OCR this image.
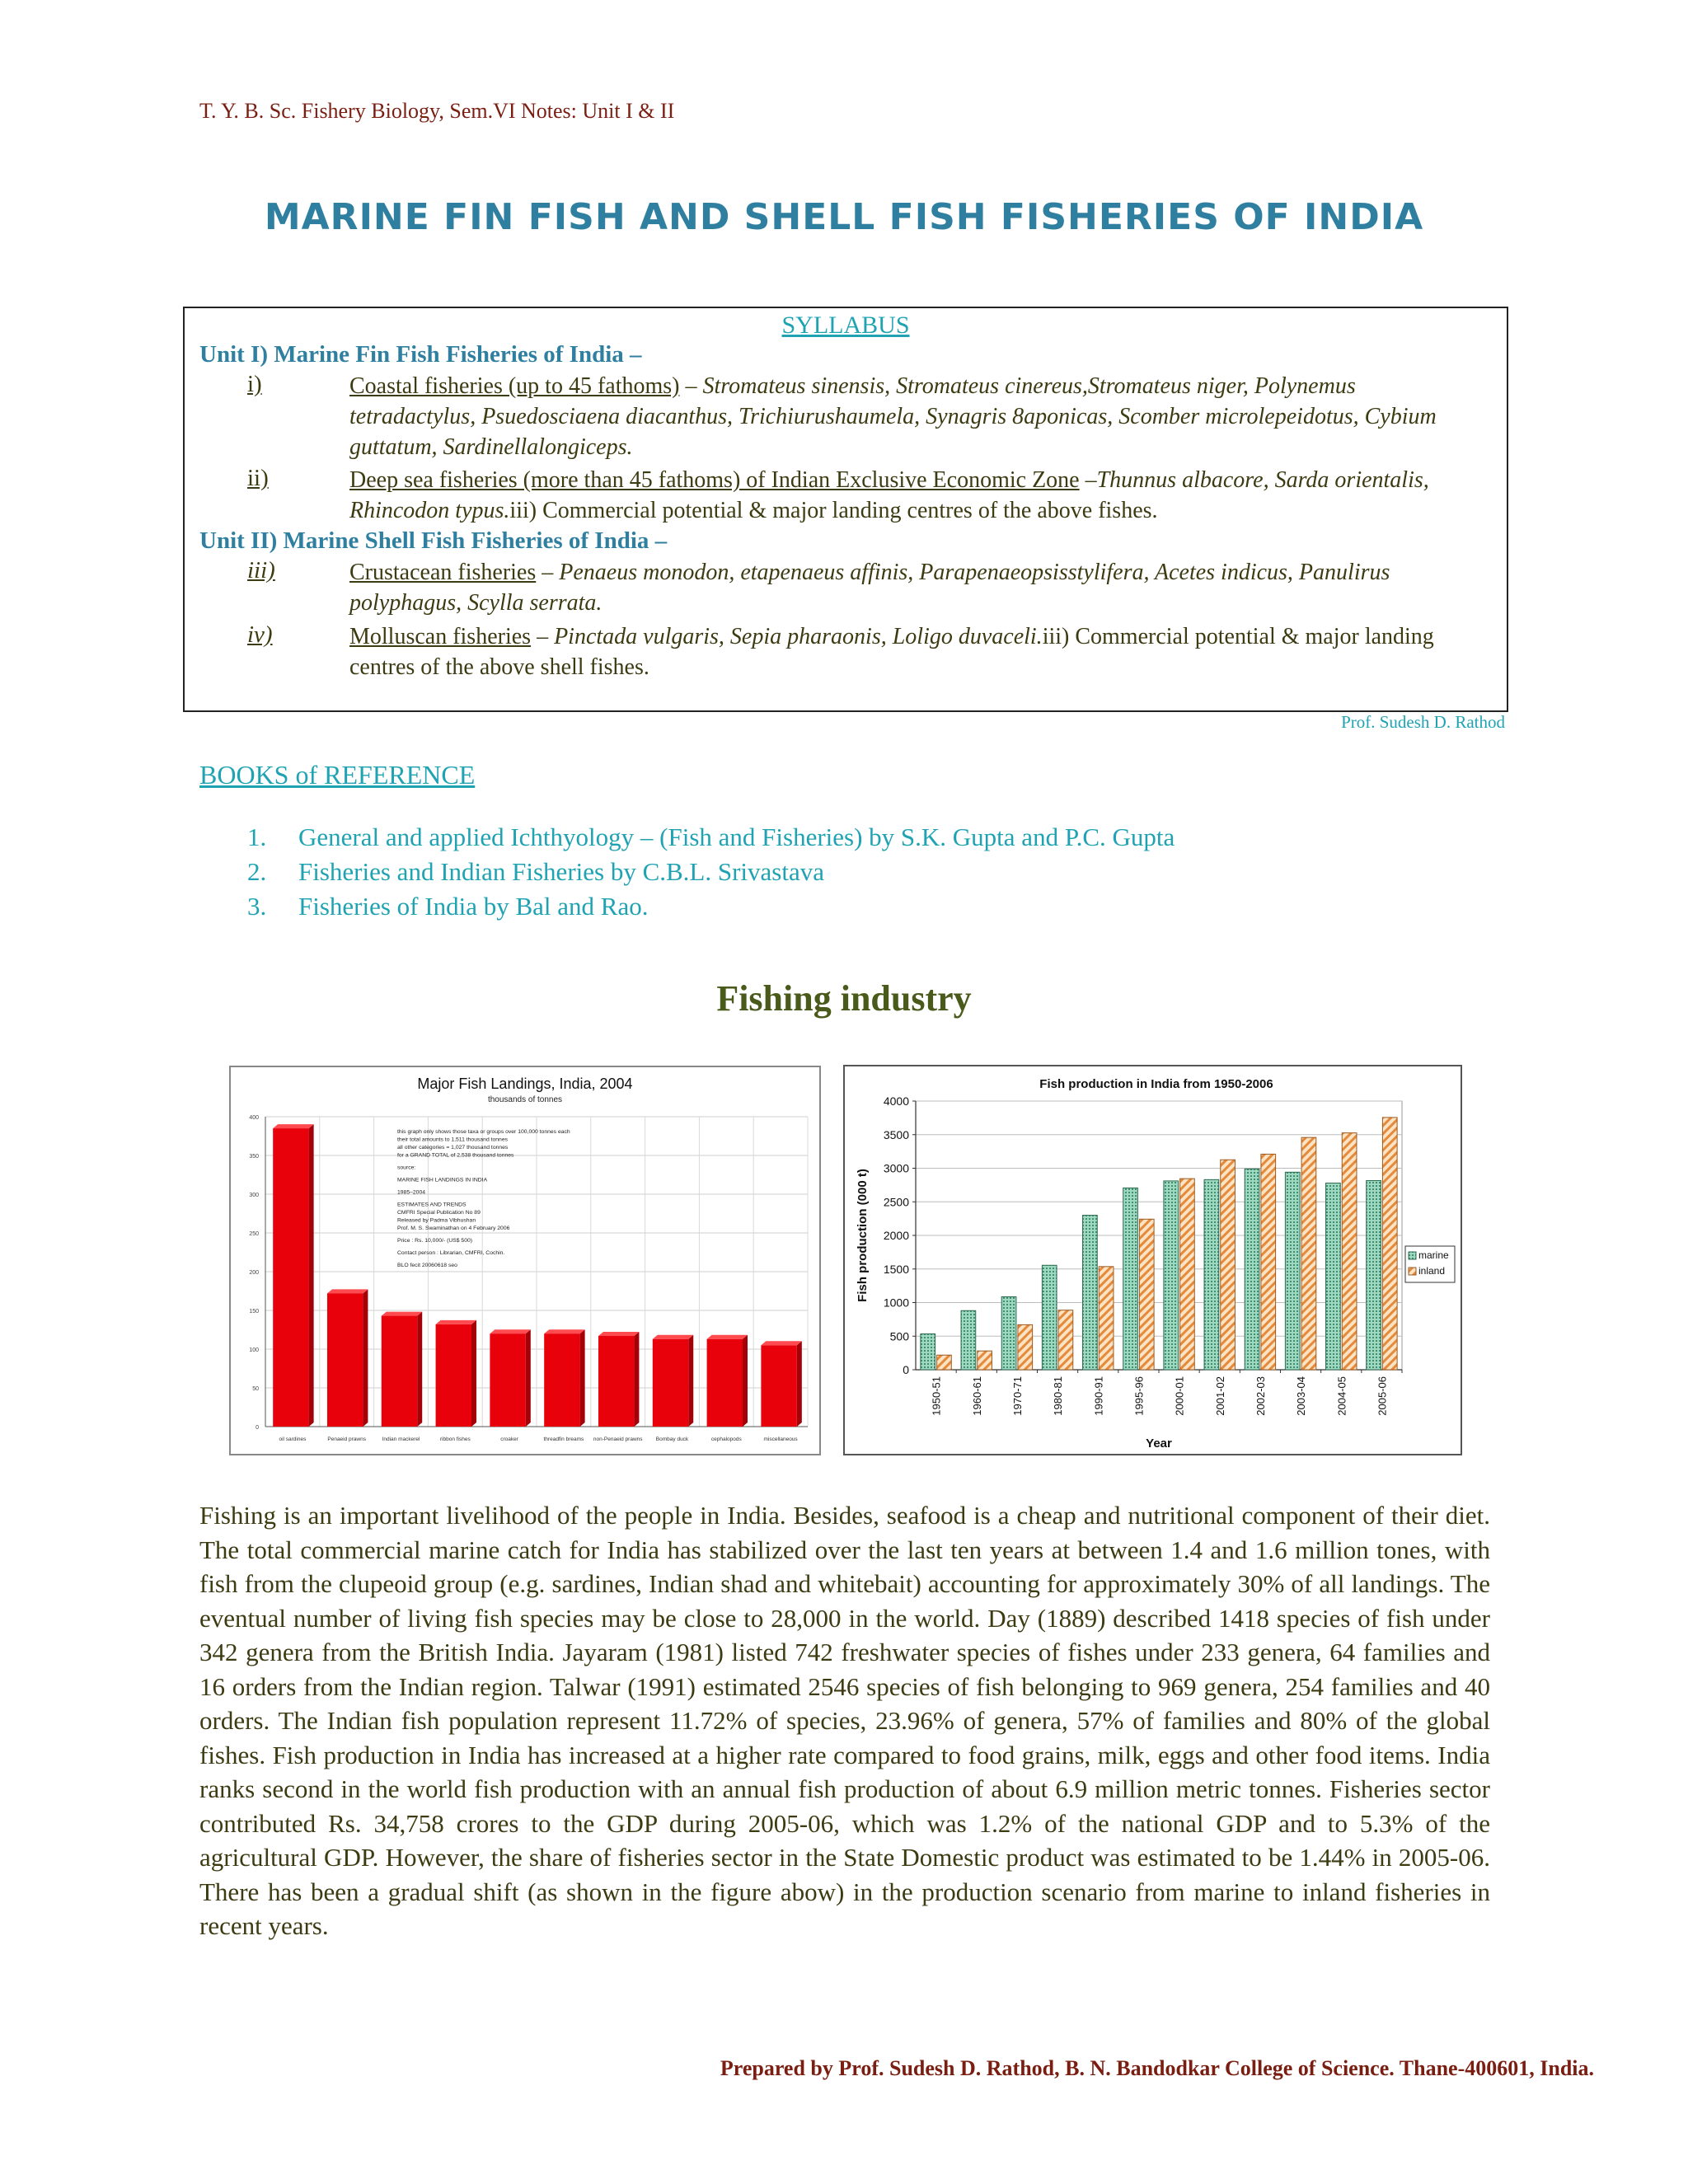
T. Y. B. Sc. Fishery Biology, Sem.VI Notes: Unit I & II
MARINE FIN FISH AND SHELL FISH FISHERIES OF INDIA
SYLLABUS
Unit I) Marine Fin Fish Fisheries of India –
i)	Coastal fisheries (up to 45 fathoms) – Stromateus sinensis, Stromateus cinereus,Stromateus niger, Polynemus tetradactylus, Psuedosciaena diacanthus, Trichiurushaumela, Synagris 8aponicas, Scomber microlepeidotus, Cybium guttatum, Sardinellalongiceps.
ii)	Deep sea fisheries (more than 45 fathoms) of Indian Exclusive Economic Zone –Thunnus albacore, Sarda orientalis, Rhincodon typus.iii) Commercial potential & major landing centres of the above fishes.
Unit II) Marine Shell Fish Fisheries of India –
iii)	Crustacean fisheries – Penaeus monodon, etapenaeus affinis, Parapenaeopsisstylifera, Acetes indicus, Panulirus polyphagus, Scylla serrata.
iv)	Molluscan fisheries – Pinctada vulgaris, Sepia pharaonis, Loligo duvaceli.iii) Commercial potential & major landing centres of the above shell fishes.
Prof. Sudesh D. Rathod
BOOKS of REFERENCE
1. General and applied Ichthyology – (Fish and Fisheries) by S.K. Gupta and P.C. Gupta
2. Fisheries and Indian Fisheries by C.B.L. Srivastava
3. Fisheries of India by Bal and Rao.
Fishing industry
0
50
100
150
200
250
300
350
400
Major Fish Landings, India, 2004
thousands of tonnes
oil sardines	Penaeid prawns	Indian mackerel	ribbon fishes	croaker	threadfin breams non-Penaeid prawns	Bombay duck	cephalopods	miscellaneous
this graph only shows those taxa or groups over 100,000 tonnes each
their total amounts to 1,511 thousand tonnes
all other categories = 1,027 thousand tonnes
for a GRAND TOTAL of 2,538 thousand tonnes
source:
MARINE FISH LANDINGS IN INDIA
1985–2004
ESTIMATES AND TRENDS
CMFRI Special Publication No 89
Released by Padma Vibhushan
Prof. M. S. Swaminathan on 4 February 2006
Price : Rs. 10,000/- (US$ 500)
Contact person : Librarian, CMFRI, Cochin.
BLO fecit 20060618 seo
Fish production in India from 1950-2006
0
500
1000
1500
2000
2500
3000
3500
4000
Fish production (000 t)
1950-51	1960-61	1970-71	1980-81	1990-91	1995-96	2000-01	2001-02	2002-03	2003-04	2004-05	2005-06
Year
marine
inland
Fishing is an important livelihood of the people in India. Besides, seafood is a cheap and nutritional component of their diet. The total commercial marine catch for India has stabilized over the last ten years at between 1.4 and 1.6 million tones, with fish from the clupeoid group (e.g. sardines, Indian shad and whitebait) accounting for approximately 30% of all landings. The eventual number of living fish species may be close to 28,000 in the world. Day (1889) described 1418 species of fish under 342 genera from the British India. Jayaram (1981) listed 742 freshwater species of fishes under 233 genera, 64 families and 16 orders from the Indian region. Talwar (1991) estimated 2546 species of fish belonging to 969 genera, 254 families and 40 orders. The Indian fish population represent 11.72% of species, 23.96% of genera, 57% of families and 80% of the global fishes. Fish production in India has increased at a higher rate compared to food grains, milk, eggs and other food items. India ranks second in the world fish production with an annual fish production of about 6.9 million metric tonnes. Fisheries sector contributed Rs. 34,758 crores to the GDP during 2005-06, which was 1.2% of the national GDP and to 5.3% of the agricultural GDP. However, the share of fisheries sector in the State Domestic product was estimated to be 1.44% in 2005-06. There has been a gradual shift (as shown in the figure abow) in the production scenario from marine to inland fisheries in recent years.
Prepared by Prof. Sudesh D. Rathod, B. N. Bandodkar College of Science. Thane-400601, India.
